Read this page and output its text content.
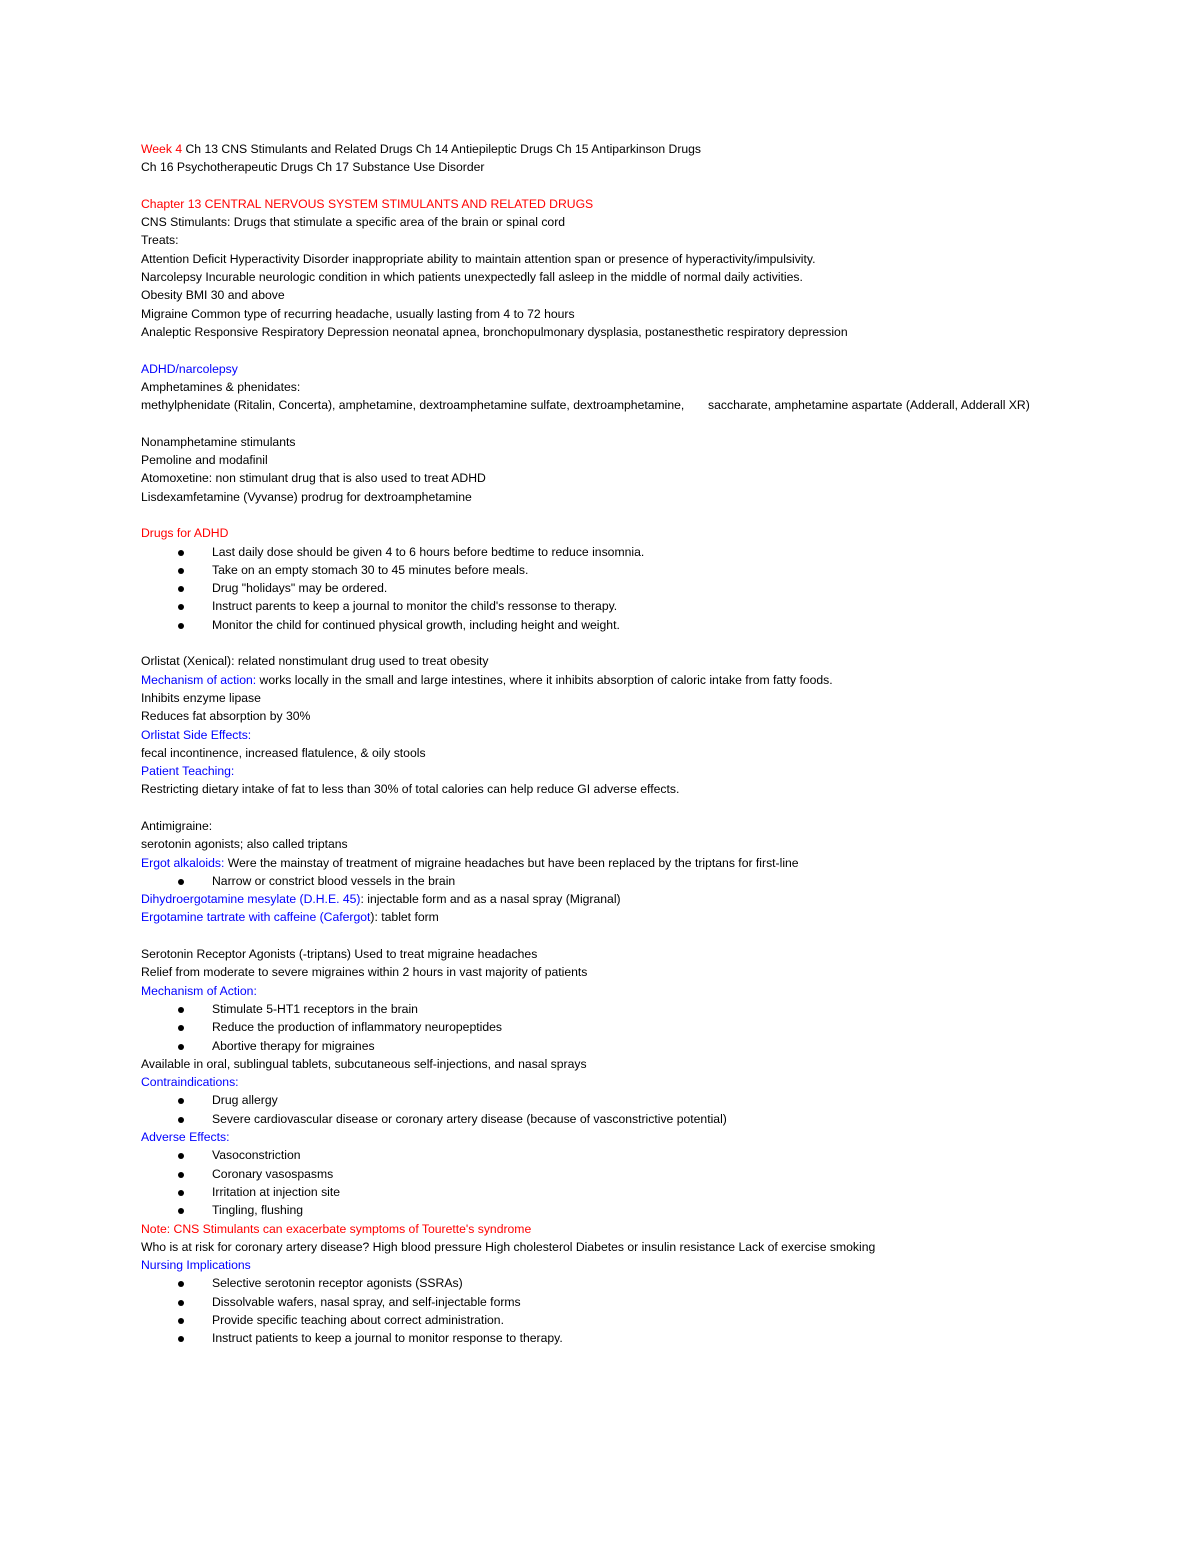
Week 4 Ch 13 CNS Stimulants and Related Drugs Ch 14 Antiepileptic Drugs Ch 15 Antiparkinson Drugs
Ch 16 Psychotherapeutic Drugs Ch 17 Substance Use Disorder
Chapter 13 CENTRAL NERVOUS SYSTEM STIMULANTS AND RELATED DRUGS
CNS Stimulants: Drugs that stimulate a specific area of the brain or spinal cord
Treats:
Attention Deficit Hyperactivity Disorder inappropriate ability to maintain attention span or presence of hyperactivity/impulsivity.
Narcolepsy Incurable neurologic condition in which patients unexpectedly fall asleep in the middle of normal daily activities.
Obesity BMI 30 and above
Migraine Common type of recurring headache, usually lasting from 4 to 72 hours
Analeptic Responsive Respiratory Depression neonatal apnea, bronchopulmonary dysplasia, postanesthetic respiratory depression
ADHD/narcolepsy
Amphetamines & phenidates:
methylphenidate (Ritalin, Concerta), amphetamine, dextroamphetamine sulfate, dextroamphetamine,       saccharate, amphetamine aspartate (Adderall, Adderall XR)
Nonamphetamine stimulants
Pemoline and modafinil
Atomoxetine: non stimulant drug that is also used to treat ADHD
Lisdexamfetamine (Vyvanse) prodrug for dextroamphetamine
Drugs for ADHD
Last daily dose should be given 4 to 6 hours before bedtime to reduce insomnia.
Take on an empty stomach 30 to 45 minutes before meals.
Drug "holidays" may be ordered.
Instruct parents to keep a journal to monitor the child's ressonse to therapy.
Monitor the child for continued physical growth, including height and weight.
Orlistat (Xenical): related nonstimulant drug used to treat obesity
Mechanism of action: works locally in the small and large intestines, where it inhibits absorption of caloric intake from fatty foods.
Inhibits enzyme lipase
Reduces fat absorption by 30%
Orlistat Side Effects:
fecal incontinence, increased flatulence, & oily stools
Patient Teaching:
Restricting dietary intake of fat to less than 30% of total calories can help reduce GI adverse effects.
Antimigraine:
serotonin agonists; also called triptans
Ergot alkaloids: Were the mainstay of treatment of migraine headaches but have been replaced by the triptans for first-line
Narrow or constrict blood vessels in the brain
Dihydroergotamine mesylate (D.H.E. 45): injectable form and as a nasal spray (Migranal)
Ergotamine tartrate with caffeine (Cafergot): tablet form
Serotonin Receptor Agonists (-triptans) Used to treat migraine headaches
Relief from moderate to severe migraines within 2 hours in vast majority of patients
Mechanism of Action:
Stimulate 5-HT1 receptors in the brain
Reduce the production of inflammatory neuropeptides
Abortive therapy for migraines
Available in oral, sublingual tablets, subcutaneous self-injections, and nasal sprays
Contraindications:
Drug allergy
Severe cardiovascular disease or coronary artery disease (because of vasconstrictive potential)
Adverse Effects:
Vasoconstriction
Coronary vasospasms
Irritation at injection site
Tingling, flushing
Note: CNS Stimulants can exacerbate symptoms of Tourette's syndrome
Who is at risk for coronary artery disease? High blood pressure High cholesterol Diabetes or insulin resistance Lack of exercise smoking
Nursing Implications
Selective serotonin receptor agonists (SSRAs)
Dissolvable wafers, nasal spray, and self-injectable forms
Provide specific teaching about correct administration.
Instruct patients to keep a journal to monitor response to therapy.
